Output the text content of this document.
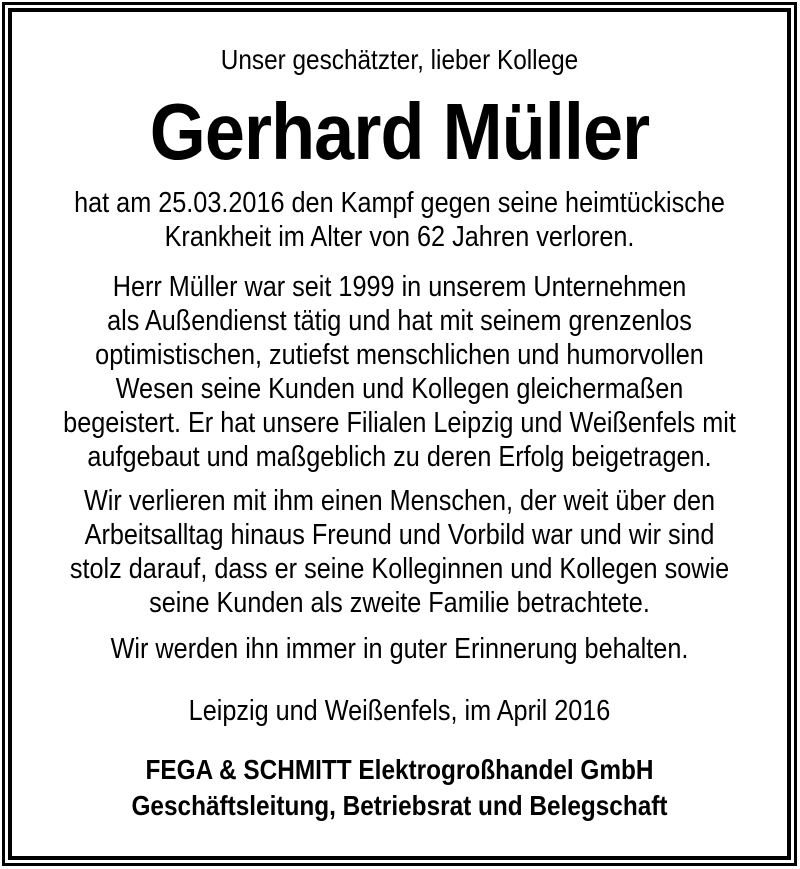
Unser geschätzter, lieber Kollege
Gerhard Müller
hat am 25.03.2016 den Kampf gegen seine heimtückische
Krankheit im Alter von 62 Jahren verloren.
Herr Müller war seit 1999 in unserem Unternehmen
als Außendienst tätig und hat mit seinem grenzenlos
optimistischen, zutiefst menschlichen und humorvollen
Wesen seine Kunden und Kollegen gleichermaßen
begeistert. Er hat unsere Filialen Leipzig und Weißenfels mit
aufgebaut und maßgeblich zu deren Erfolg beigetragen.
Wir verlieren mit ihm einen Menschen, der weit über den
Arbeitsalltag hinaus Freund und Vorbild war und wir sind
stolz darauf, dass er seine Kolleginnen und Kollegen sowie
seine Kunden als zweite Familie betrachtete.
Wir werden ihn immer in guter Erinnerung behalten.
Leipzig und Weißenfels, im April 2016
FEGA & SCHMITT Elektrogroßhandel GmbH
Geschäftsleitung, Betriebsrat und Belegschaft
